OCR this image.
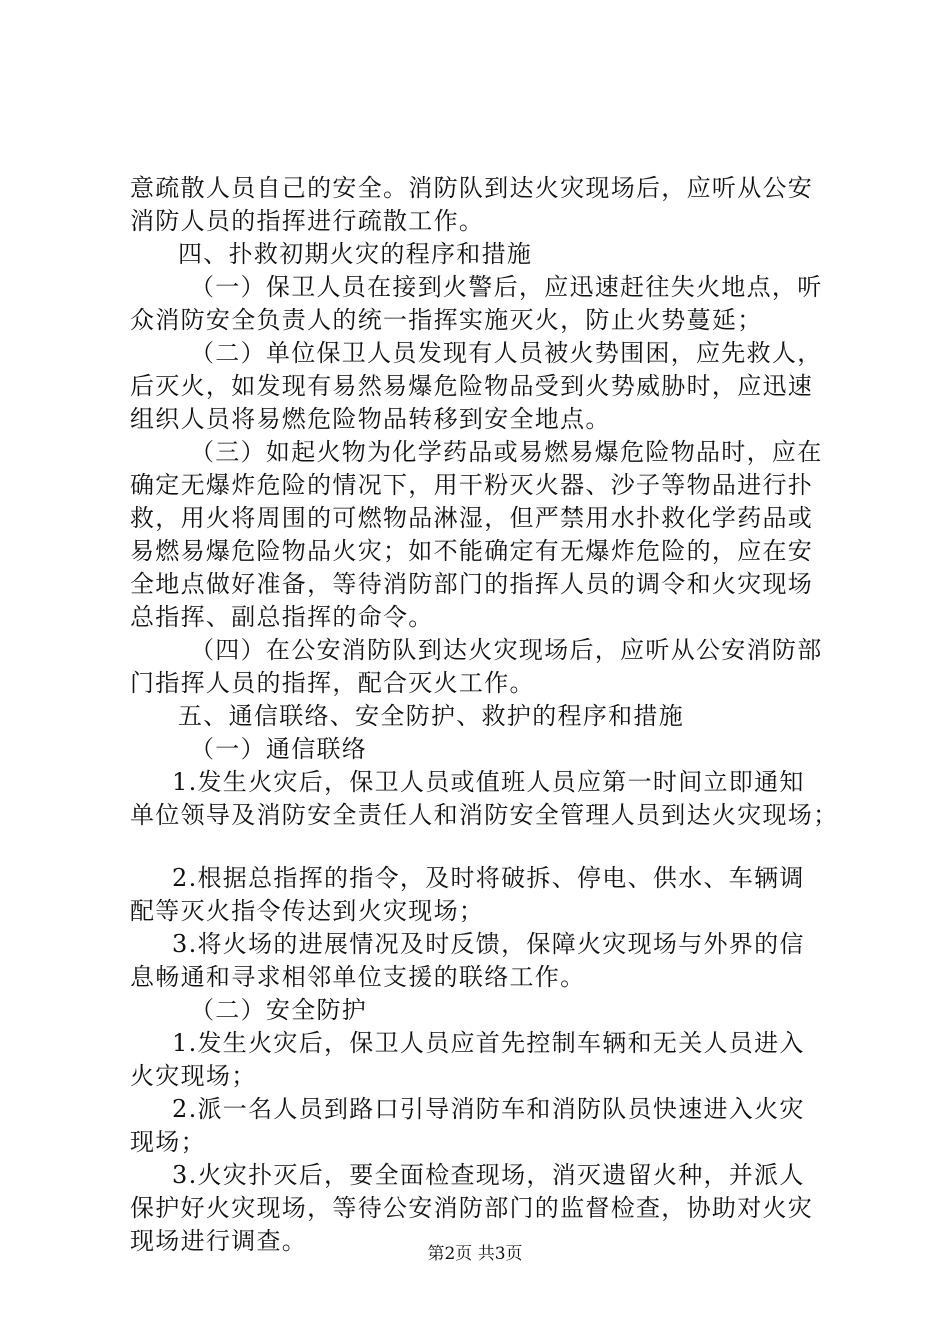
意疏散人员自己的安全。消防队到达火灾现场后，应听从公安
消防人员的指挥进行疏散工作。
四、扑救初期火灾的程序和措施
（一）保卫人员在接到火警后，应迅速赶往失火地点，听
众消防安全负责人的统一指挥实施灭火，防止火势蔓延；
（二）单位保卫人员发现有人员被火势围困，应先救人，
后灭火，如发现有易然易爆危险物品受到火势威胁时，应迅速
组织人员将易燃危险物品转移到安全地点。
（三）如起火物为化学药品或易燃易爆危险物品时，应在
确定无爆炸危险的情况下，用干粉灭火器、沙子等物品进行扑
救，用火将周围的可燃物品淋湿，但严禁用水扑救化学药品或
易燃易爆危险物品火灾；如不能确定有无爆炸危险的，应在安
全地点做好准备，等待消防部门的指挥人员的调令和火灾现场
总指挥、副总指挥的命令。
（四）在公安消防队到达火灾现场后，应听从公安消防部
门指挥人员的指挥，配合灭火工作。
五、通信联络、安全防护、救护的程序和措施
（一）通信联络
1.发生火灾后，保卫人员或值班人员应第一时间立即通知
单位领导及消防安全责任人和消防安全管理人员到达火灾现场；
2.根据总指挥的指令，及时将破拆、停电、供水、车辆调
配等灭火指令传达到火灾现场；
3.将火场的进展情况及时反馈，保障火灾现场与外界的信
息畅通和寻求相邻单位支援的联络工作。
（二）安全防护
1.发生火灾后，保卫人员应首先控制车辆和无关人员进入
火灾现场；
2.派一名人员到路口引导消防车和消防队员快速进入火灾
现场；
3.火灾扑灭后，要全面检查现场，消灭遗留火种，并派人
保护好火灾现场，等待公安消防部门的监督检查，协助对火灾
现场进行调查。	第2页 共3页
